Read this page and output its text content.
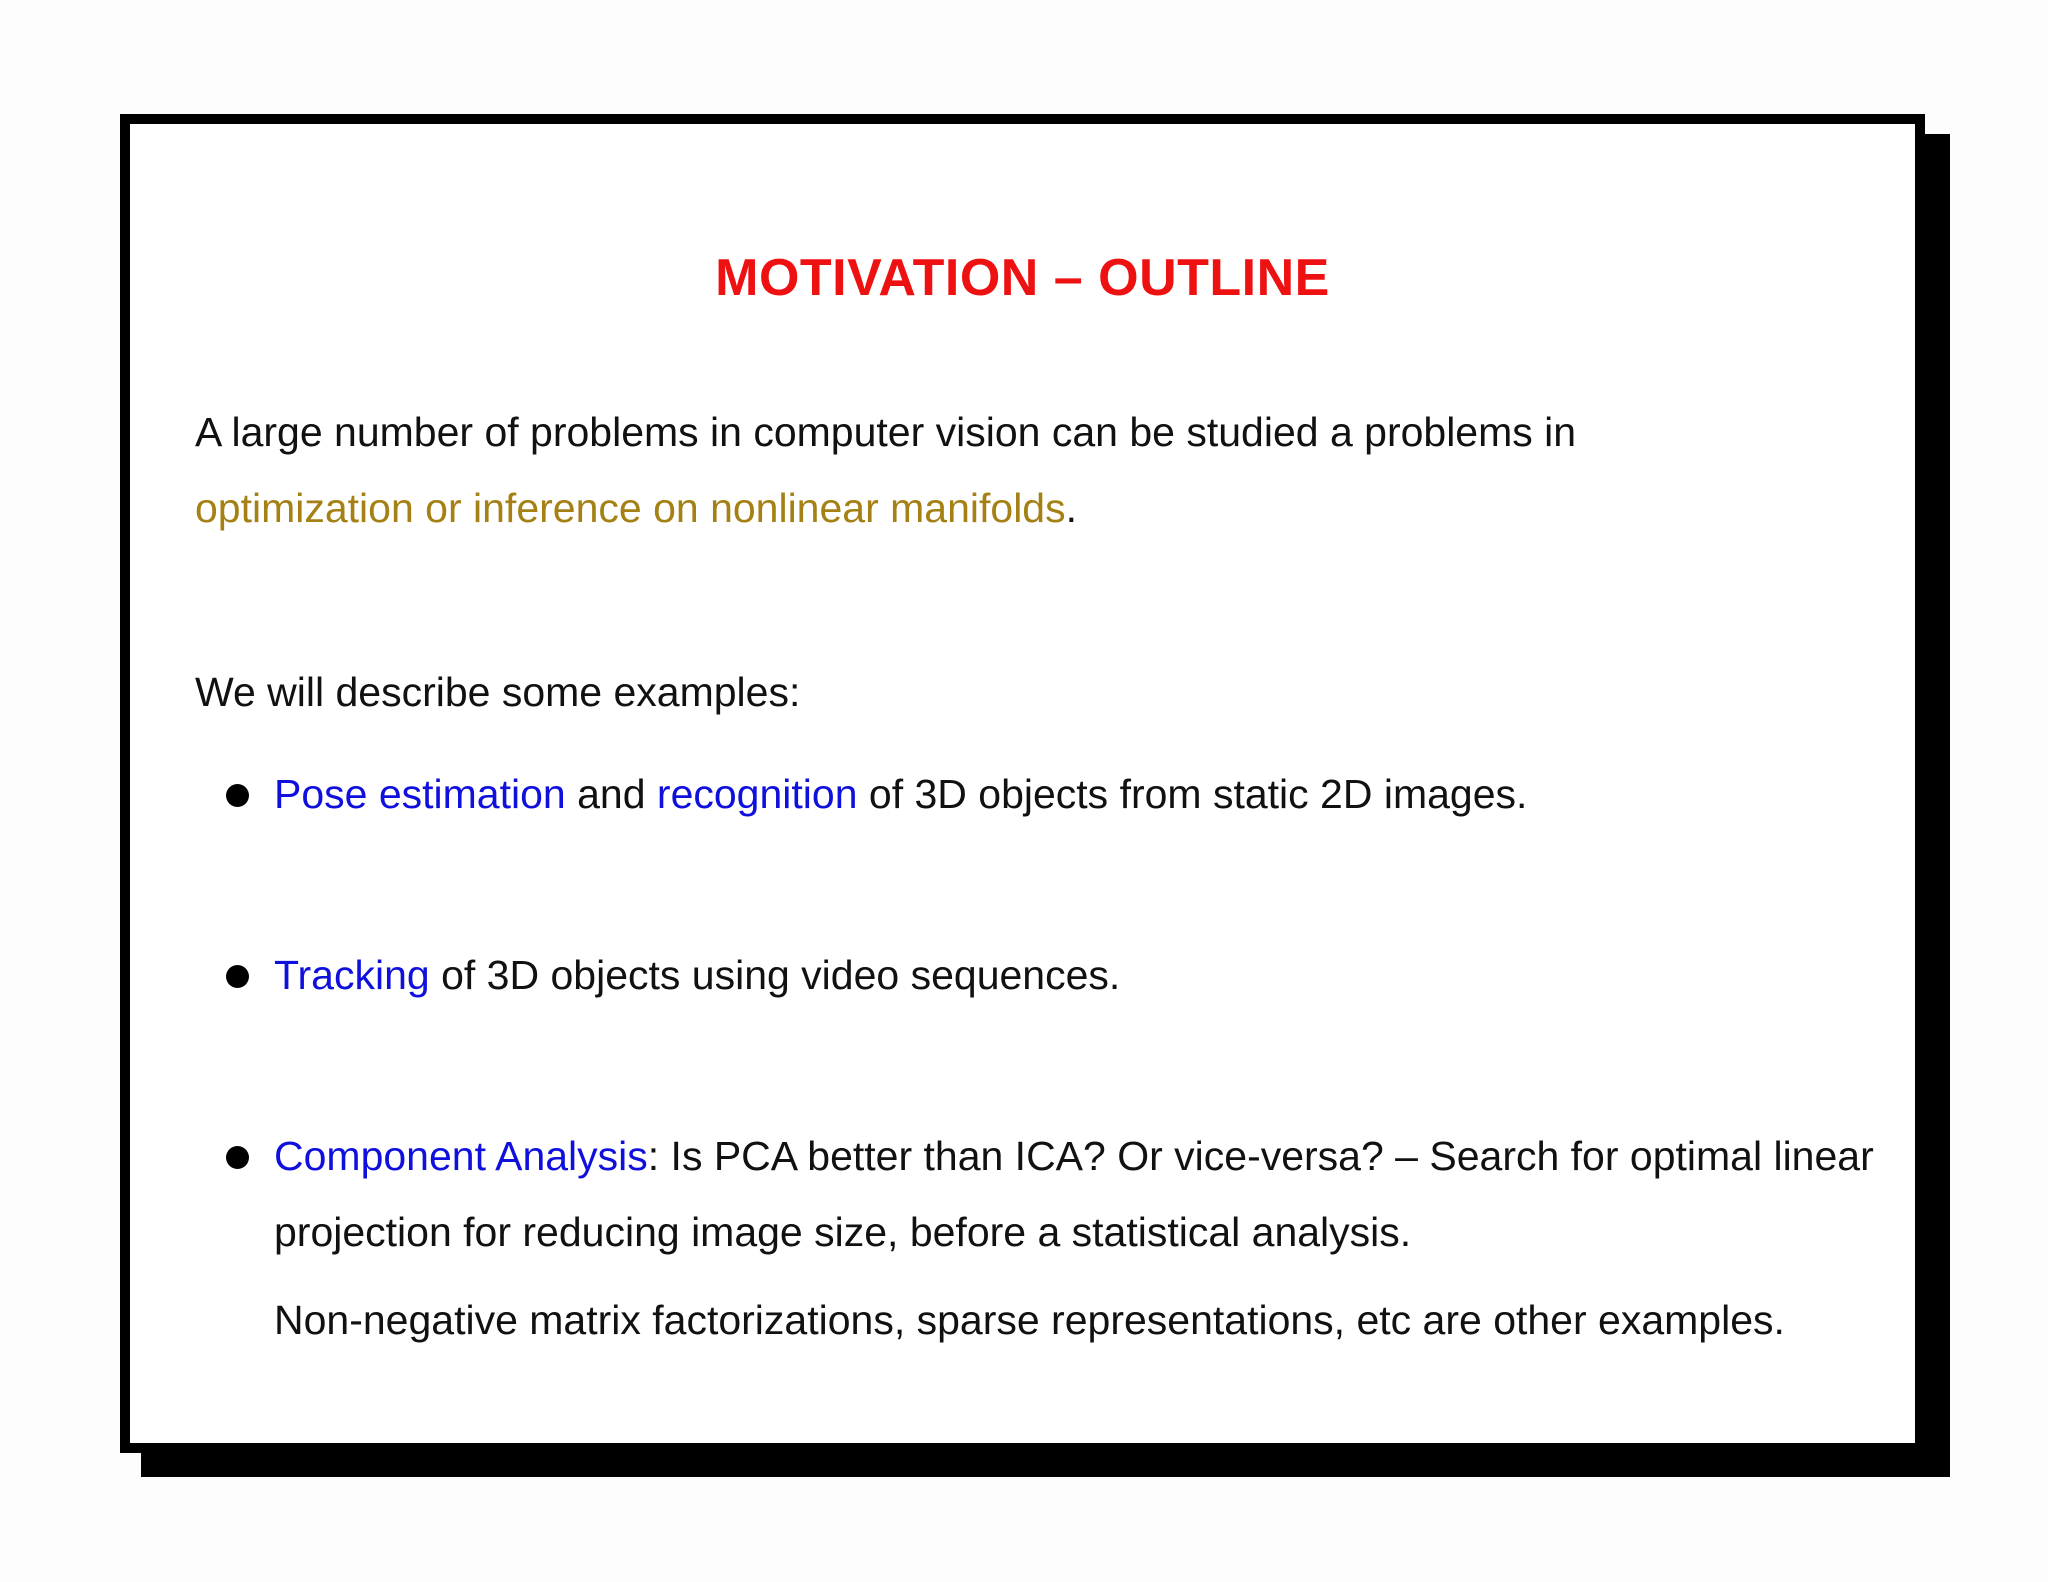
MOTIVATION – OUTLINE

A large number of problems in computer vision can be studied a problems in
optimization or inference on nonlinear manifolds.

We will describe some examples:

Pose estimation and recognition of 3D objects from static 2D images.
Tracking of 3D objects using video sequences.

Component Analysis: Is PCA better than ICA? Or vice-versa? – Search for optimal linear projection for reducing image size, before a statistical analysis.

Non-negative matrix factorizations, sparse representations, etc are other examples.
